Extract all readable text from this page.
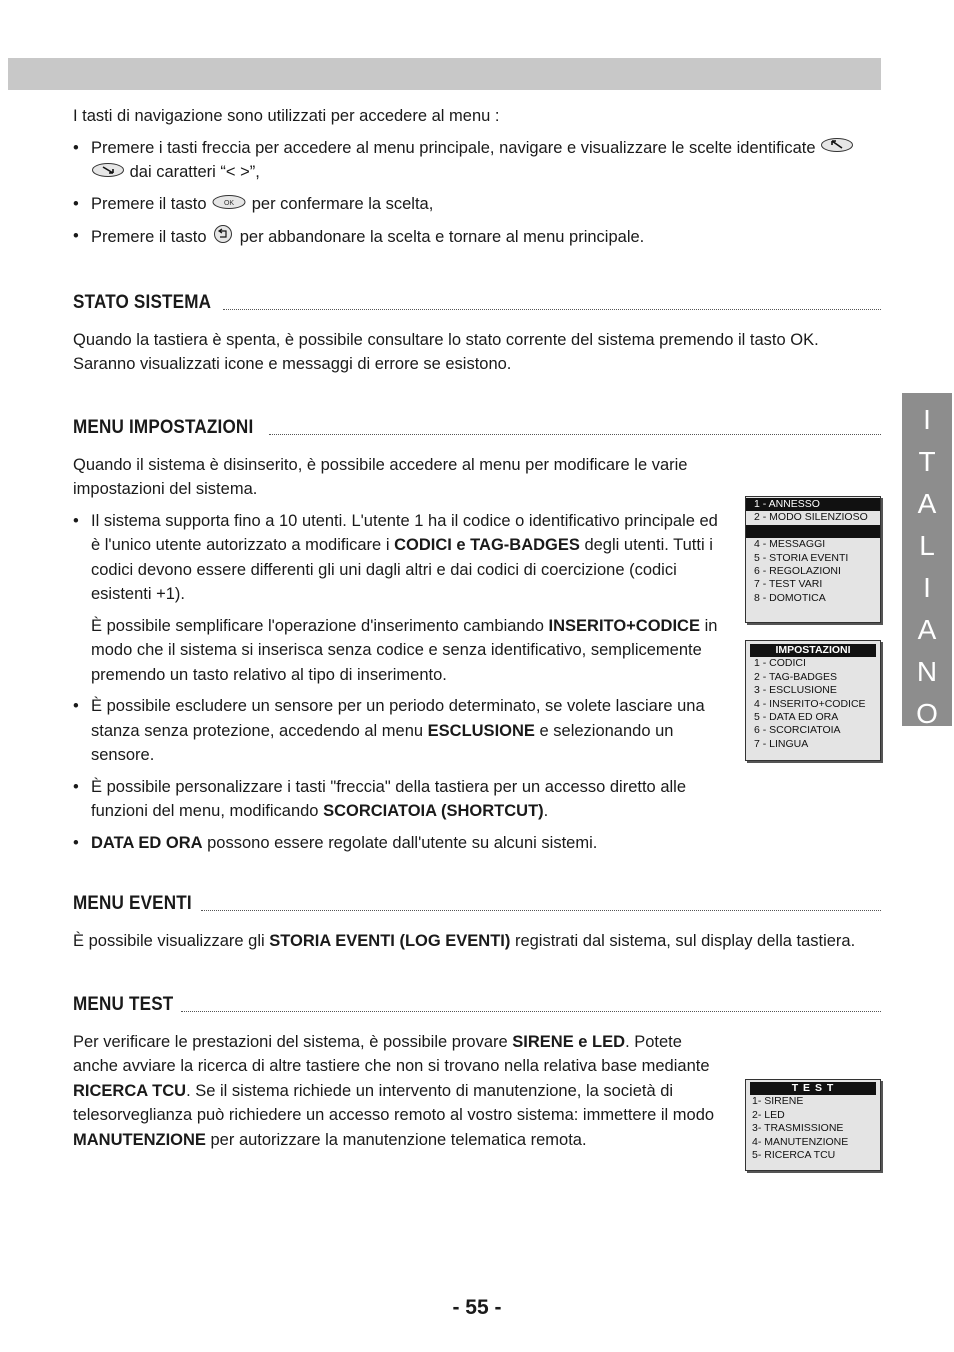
I tasti di navigazione sono utilizzati per accedere al menu :

• Premere i tasti freccia per accedere al menu principale, navigare e visualizzare le scelte identificate   dai caratteri “< >”,
• Premere il tasto	OK per confermare la scelta,
• Premere il tasto per abbandonare la scelta e tornare al menu principale.
STATO SISTEMA

Quando la tastiera è spenta, è possibile consultare lo stato corrente del sistema premendo il tasto OK. Saranno visualizzati icone e messaggi di errore se esistono.

MENU IMPOSTAZIONI

Quando il sistema è disinserito, è possibile accedere al menu per modificare le varie impostazioni del sistema.

• Il sistema supporta fino a 10 utenti. L'utente 1 ha il codice o identificativo principale ed è l'unico utente autorizzato a modificare i CODICI e TAG-BADGES degli utenti. Tutti i codici devono essere differenti gli uni dagli altri e dai codici di coercizione (codici esistenti +1).

È possibile semplificare l'operazione d'inserimento cambiando INSERITO+CODICE in modo che il sistema si inserisca senza codice e senza identificativo, semplicemente premendo un tasto relativo al tipo di inserimento.

• È possibile escludere un sensore per un periodo determinato, se volete lasciare una stanza senza protezione, accedendo al menu ESCLUSIONE e selezionando un sensore.
• È possibile personalizzare i tasti "freccia" della tastiera per un accesso diretto alle funzioni del menu, modificando SCORCIATOIA (SHORTCUT).
• DATA ED ORA possono essere regolate dall'utente su alcuni sistemi.
MENU EVENTI

È possibile visualizzare gli STORIA EVENTI (LOG EVENTI) registrati dal sistema, sul display della tastiera.

MENU TEST

Per verificare le prestazioni del sistema, è possibile provare SIRENE e LED. Potete anche avviare la ricerca di altre tastiere che non si trovano nella relativa base mediante RICERCA TCU. Se il sistema richiede un intervento di manutenzione, la società di telesorveglianza può richiedere un accesso remoto al vostro sistema: immettere il modo MANUTENZIONE per autorizzare la manutenzione telematica remota.

1 - ANNESSO
2 - MODO SILENZIOSO
4 - MESSAGGI
5 - STORIA EVENTI
6 - REGOLAZIONI
7 - TEST VARI
8 - DOMOTICA
IMPOSTAZIONI
1 - CODICI
2 - TAG-BADGES
3 - ESCLUSIONE
4 - INSERITO+CODICE
5 - DATA ED ORA
6 - SCORCIATOIA
7 - LINGUA
T E S T
1- SIRENE
2- LED
3- TRASMISSIONE
4- MANUTENZIONE
5- RICERCA TCU
I
T
A
L
I
A
N
O
- 55 -
